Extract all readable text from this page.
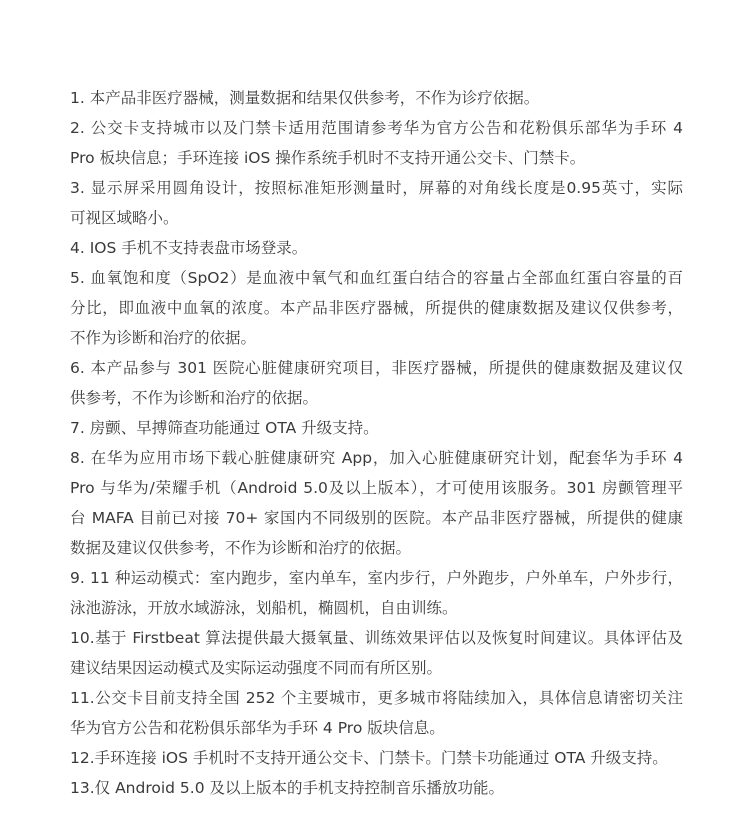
1. 本产品非医疗器械，测量数据和结果仅供参考，不作为诊疗依据。
2. 公交卡支持城市以及门禁卡适用范围请参考华为官方公告和花粉俱乐部华为手环 4
Pro 板块信息；手环连接 iOS 操作系统手机时不支持开通公交卡、门禁卡。
3. 显示屏采用圆角设计，按照标准矩形测量时，屏幕的对角线长度是0.95英寸，实际
可视区域略小。
4. IOS 手机不支持表盘市场登录。
5. 血氧饱和度（SpO2）是血液中氧气和血红蛋白结合的容量占全部血红蛋白容量的百
分比，即血液中血氧的浓度。本产品非医疗器械，所提供的健康数据及建议仅供参考，
不作为诊断和治疗的依据。
6. 本产品参与 301 医院心脏健康研究项目，非医疗器械，所提供的健康数据及建议仅
供参考，不作为诊断和治疗的依据。
7. 房颤、早搏筛查功能通过 OTA 升级支持。
8. 在华为应用市场下载心脏健康研究 App，加入心脏健康研究计划，配套华为手环 4
Pro 与华为/荣耀手机（Android 5.0及以上版本），才可使用该服务。301 房颤管理平
台 MAFA 目前已对接 70+ 家国内不同级别的医院。本产品非医疗器械，所提供的健康
数据及建议仅供参考，不作为诊断和治疗的依据。
9. 11 种运动模式：室内跑步，室内单车，室内步行，户外跑步，户外单车，户外步行，
泳池游泳，开放水域游泳，划船机，椭圆机，自由训练。
10.基于 Firstbeat 算法提供最大摄氧量、训练效果评估以及恢复时间建议。具体评估及
建议结果因运动模式及实际运动强度不同而有所区别。
11.公交卡目前支持全国 252 个主要城市，更多城市将陆续加入，具体信息请密切关注
华为官方公告和花粉俱乐部华为手环 4 Pro 版块信息。
12.手环连接 iOS 手机时不支持开通公交卡、门禁卡。门禁卡功能通过 OTA 升级支持。
13.仅 Android 5.0 及以上版本的手机支持控制音乐播放功能。
